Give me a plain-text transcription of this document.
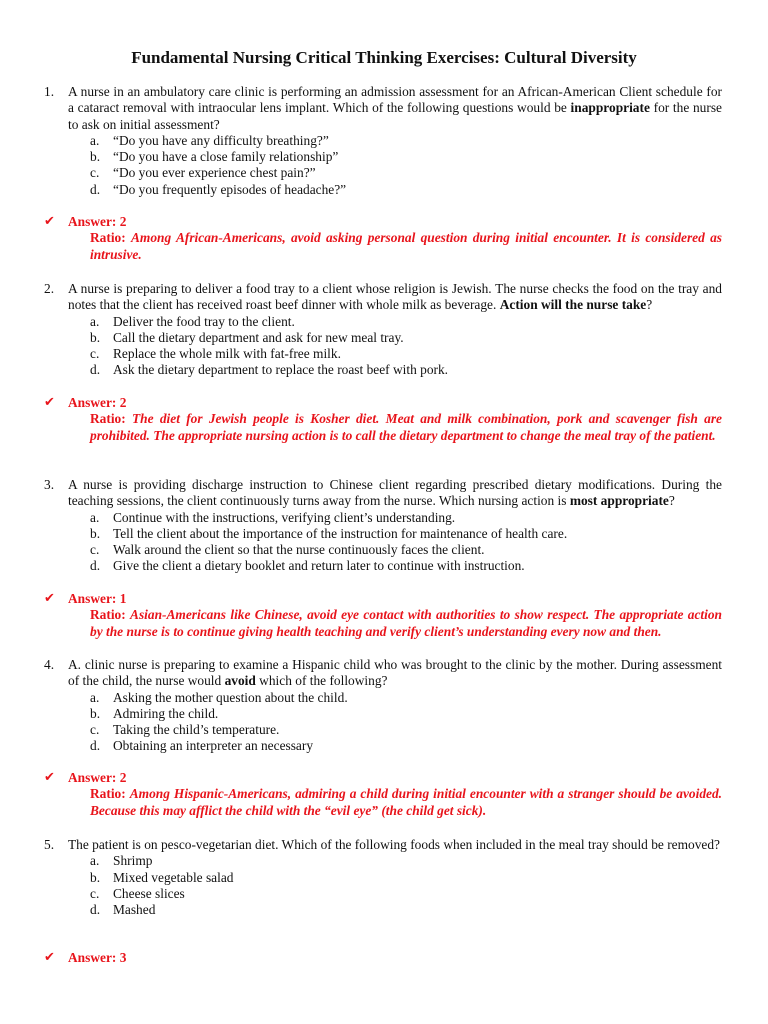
Fundamental Nursing Critical Thinking Exercises: Cultural Diversity
1. A nurse in an ambulatory care clinic is performing an admission assessment for an African-American Client schedule for a cataract removal with intraocular lens implant. Which of the following questions would be inappropriate for the nurse to ask on initial assessment?
a. “Do you have any difficulty breathing?”
b. “Do you have a close family relationship”
c. “Do you ever experience chest pain?”
d. “Do you frequently episodes of headache?”
✔ Answer: 2
Ratio: Among African-Americans, avoid asking personal question during initial encounter. It is considered as intrusive.
2. A nurse is preparing to deliver a food tray to a client whose religion is Jewish. The nurse checks the food on the tray and notes that the client has received roast beef dinner with whole milk as beverage. Action will the nurse take?
a. Deliver the food tray to the client.
b. Call the dietary department and ask for new meal tray.
c. Replace the whole milk with fat-free milk.
d. Ask the dietary department to replace the roast beef with pork.
✔ Answer: 2
Ratio: The diet for Jewish people is Kosher diet. Meat and milk combination, pork and scavenger fish are prohibited. The appropriate nursing action is to call the dietary department to change the meal tray of the patient.
3. A nurse is providing discharge instruction to Chinese client regarding prescribed dietary modifications. During the teaching sessions, the client continuously turns away from the nurse. Which nursing action is most appropriate?
a. Continue with the instructions, verifying client’s understanding.
b. Tell the client about the importance of the instruction for maintenance of health care.
c. Walk around the client so that the nurse continuously faces the client.
d. Give the client a dietary booklet and return later to continue with instruction.
✔ Answer: 1
Ratio: Asian-Americans like Chinese, avoid eye contact with authorities to show respect. The appropriate action by the nurse is to continue giving health teaching and verify client’s understanding every now and then.
4. A. clinic nurse is preparing to examine a Hispanic child who was brought to the clinic by the mother. During assessment of the child, the nurse would avoid which of the following?
a. Asking the mother question about the child.
b. Admiring the child.
c. Taking the child’s temperature.
d. Obtaining an interpreter an necessary
✔ Answer: 2
Ratio: Among Hispanic-Americans, admiring a child during initial encounter with a stranger should be avoided. Because this may afflict the child with the “evil eye” (the child get sick).
5. The patient is on pesco-vegetarian diet. Which of the following foods when included in the meal tray should be removed?
a. Shrimp
b. Mixed vegetable salad
c. Cheese slices
d. Mashed
✔ Answer: 3
